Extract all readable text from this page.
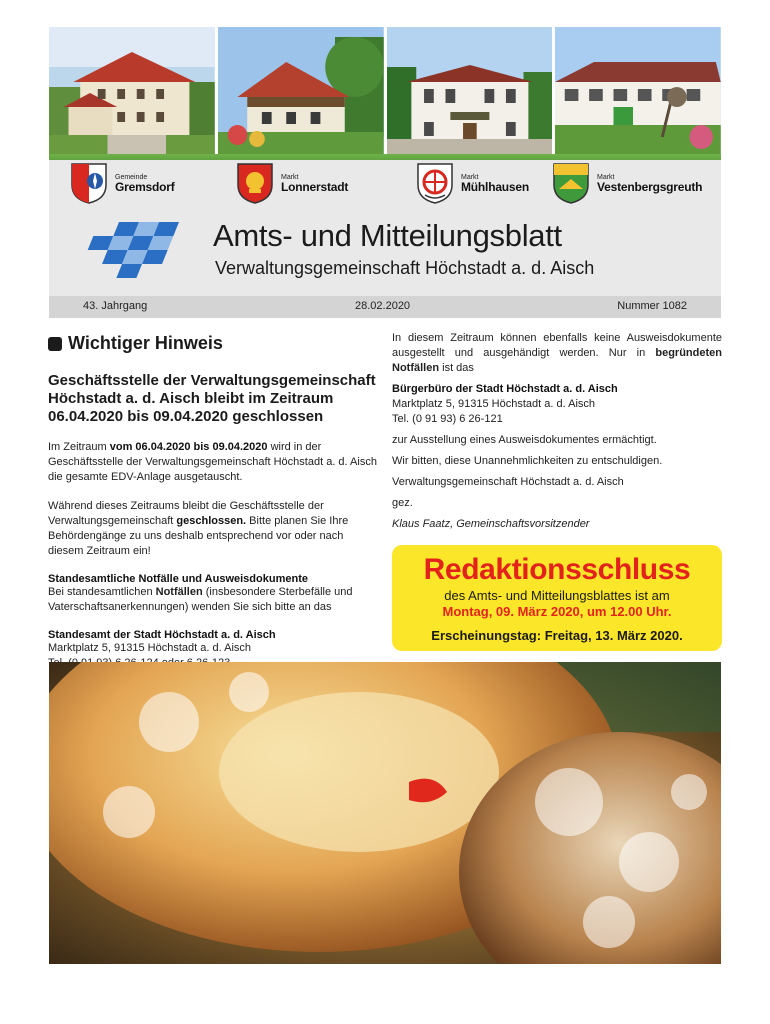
Gemeinde
Gremsdorf
Markt
Lonnerstadt
Markt
Mühlhausen
Markt
Vestenbergsgreuth
Amts- und Mitteilungsblatt
Verwaltungsgemeinschaft Höchstadt a. d. Aisch
43. Jahrgang	28.02.2020	Nummer 1082
Wichtiger Hinweis
Geschäftsstelle der Verwaltungsgemeinschaft Höchstadt a. d. Aisch bleibt im Zeitraum 06.04.2020 bis 09.04.2020 geschlossen

Im Zeitraum vom 06.04.2020 bis 09.04.2020 wird in der Geschäftsstelle der Verwaltungsgemeinschaft Höchstadt a. d. Aisch die gesamte EDV-Anlage ausgetauscht.

Während dieses Zeitraums bleibt die Geschäftsstelle der Verwaltungsgemeinschaft geschlossen. Bitte planen Sie Ihre Behördengänge zu uns deshalb entsprechend vor oder nach diesem Zeitraum ein!

Standesamtliche Notfälle und Ausweisdokumente

Bei standesamtlichen Notfällen (insbesondere Sterbefälle und Vaterschaftsanerkennungen) wenden Sie sich bitte an das

Standesamt der Stadt Höchstadt a. d. Aisch
Marktplatz 5, 91315 Höchstadt a. d. Aisch

In diesem Zeitraum können ebenfalls keine Ausweisdokumente ausgestellt und ausgehändigt werden. Nur in begründeten Notfällen ist das

Bürgerbüro der Stadt Höchstadt a. d. Aisch
Marktplatz 5, 91315 Höchstadt a. d. Aisch

Tel. (0 91 93) 6 26-121

zur Ausstellung eines Ausweisdokumentes ermächtigt.

Wir bitten, diese Unannehmlichkeiten zu entschuldigen.

Verwaltungsgemeinschaft Höchstadt a. d. Aisch

gez.

Klaus Faatz, Gemeinschaftsvorsitzender

Redaktionsschluss
des Amts- und Mitteilungsblattes ist am
Montag, 09. März 2020, um 12.00 Uhr.
Erscheinungstag: Freitag, 13. März 2020.
